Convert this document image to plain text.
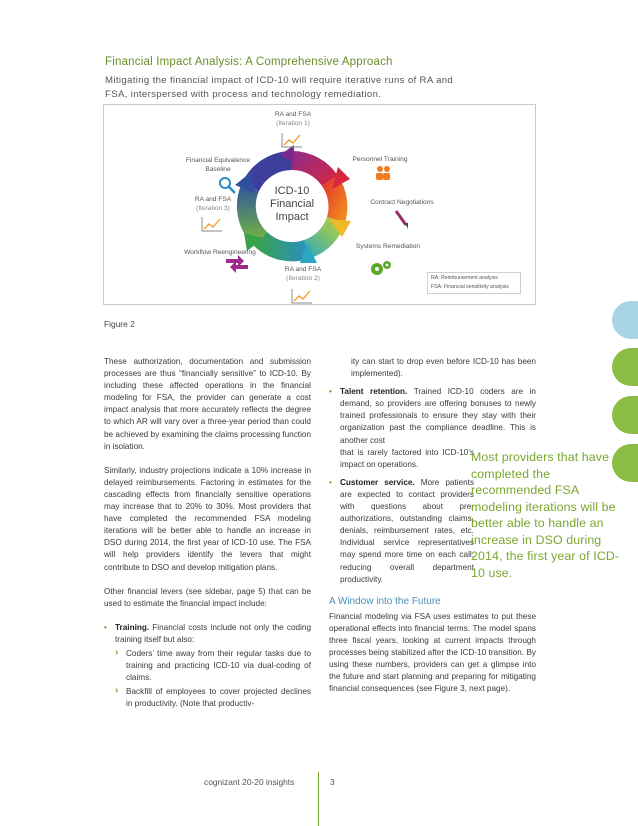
Financial Impact Analysis: A Comprehensive Approach
Mitigating the financial impact of ICD-10 will require iterative runs of RA and FSA, interspersed with process and technology remediation.
ICD-10
Financial
Impact
RA and FSA
(Iteration 1)
Personnel Training
Contract Negotiations
Systems Remediation
RA and FSA
(Iteration 2)
Workflow Reengineering
RA and FSA
(Iteration 3)
Financial Equivalence
Baseline
RA: Reimbursement analysis
FSA: Financial sensitivity analysis
Figure 2

These authorization, documentation and submission processes are thus “financially sensitive” to ICD-10. By including these affected operations in the financial modeling for FSA, the provider can generate a cost impact analysis that more accurately reflects the degree to which AR will vary over a three-year period than could be achieved by examining the claims processing function in isolation.

Similarly, industry projections indicate a 10% increase in delayed reimbursements. Factoring in estimates for the cascading effects from financially sensitive operations may increase that to 20% to 30%. Most providers that have completed the recommended FSA modeling iterations will be better able to handle an increase in DSO during 2014, the first year of ICD-10 use. The FSA will help providers identify the levers that might contribute to DSO and develop mitigation plans.

Other financial levers (see sidebar, page 5) that can be used to estimate the financial impact include:

• Training. Financial costs include not only the coding training itself but also:
› Coders’ time away from their regular tasks due to training and practicing ICD-10 via dual-coding of claims.
› Backfill of employees to cover projected declines in productivity. (Note that productiv-
ity can start to drop even before ICD-10 has been implemented).
• Talent retention. Trained ICD-10 coders are in demand, so providers are offering bonuses to newly trained professionals to ensure they stay with their organization past the compliance deadline. This is another cost
that is rarely factored into ICD-10’s impact on operations.
• Customer service. More patients are expected to contact providers with questions about pre-authorizations, outstanding claims, denials, reimbursement rates, etc. Individual service representatives may spend more time on each call, reducing overall department productivity.
A Window into the Future

Financial modeling via FSA uses estimates to put these operational effects into financial terms. The model spans three fiscal years, looking at current impacts through processes being stabilized after the ICD-10 transition. By using these numbers, providers can get a glimpse into the future and start planning and preparing for mitigating financial consequences (see Figure 3, next page).

Most providers that have completed the recommended FSA modeling iterations will be better able to handle an increase in DSO during 2014, the first year of ICD-10 use.
cognizant 20-20 insights	3
